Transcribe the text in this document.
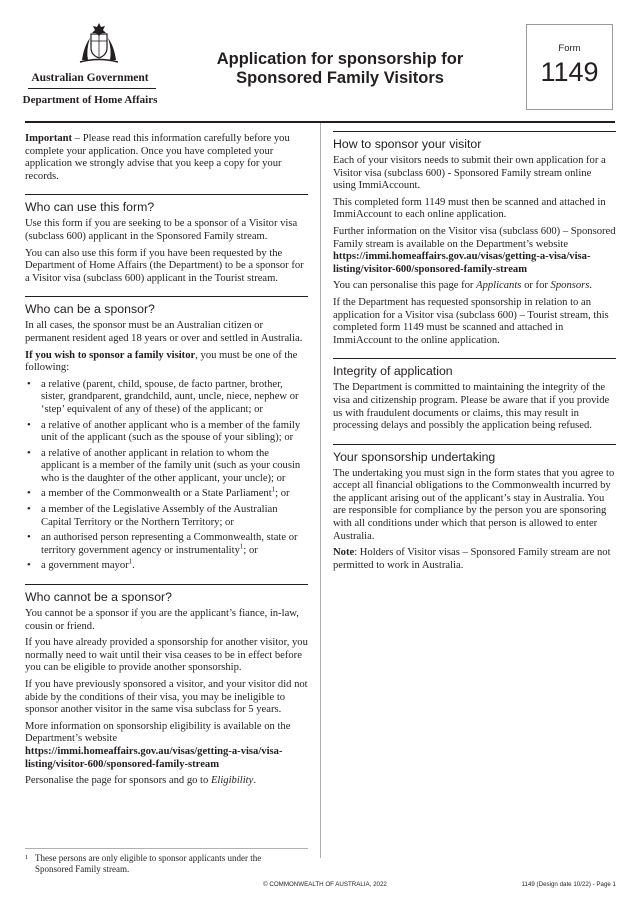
Australian Government
Department of Home Affairs
Application for sponsorship for
Sponsored Family Visitors
Form
1149

Important – Please read this information carefully before you complete your application. Once you have completed your application we strongly advise that you keep a copy for your records.

Who can use this form?

Use this form if you are seeking to be a sponsor of a Visitor visa (subclass 600) applicant in the Sponsored Family stream.

You can also use this form if you have been requested by the Department of Home Affairs (the Department) to be a sponsor for a Visitor visa (subclass 600) applicant in the Tourist stream.

Who can be a sponsor?

In all cases, the sponsor must be an Australian citizen or permanent resident aged 18 years or over and settled in Australia.

If you wish to sponsor a family visitor, you must be one of the following:

• a relative (parent, child, spouse, de facto partner, brother, sister, grandparent, grandchild, aunt, uncle, niece, nephew or ‘step’ equivalent of any of these) of the applicant; or
• a relative of another applicant who is a member of the family unit of the applicant (such as the spouse of your sibling); or
• a relative of another applicant in relation to whom the applicant is a member of the family unit (such as your cousin who is the daughter of the other applicant, your uncle); or
• a member of the Commonwealth or a State Parliament$^1$; or
• a member of the Legislative Assembly of the Australian Capital Territory or the Northern Territory; or
• an authorised person representing a Commonwealth, state or territory government agency or instrumentality$^1$; or
• a government mayor$^1$.
Who cannot be a sponsor?

You cannot be a sponsor if you are the applicant’s fiance, in-law, cousin or friend.

If you have already provided a sponsorship for another visitor, you normally need to wait until their visa ceases to be in effect before you can be eligible to provide another sponsorship.

If you have previously sponsored a visitor, and your visitor did not abide by the conditions of their visa, you may be ineligible to sponsor another visitor in the same visa subclass for 5 years.

More information on sponsorship eligibility is available on the Department’s website
https://immi.homeaffairs.gov.au/visas/getting-a-visa/visa-listing/visitor-600/sponsored-family-stream

Personalise the page for sponsors and go to Eligibility.

How to sponsor your visitor

Each of your visitors needs to submit their own application for a Visitor visa (subclass 600) - Sponsored Family stream online using ImmiAccount.

This completed form 1149 must then be scanned and attached in ImmiAccount to each online application.

Further information on the Visitor visa (subclass 600) – Sponsored Family stream is available on the Department’s website https://immi.homeaffairs.gov.au/visas/getting-a-visa/visa-listing/visitor-600/sponsored-family-stream

You can personalise this page for Applicants or for Sponsors.

If the Department has requested sponsorship in relation to an application for a Visitor visa (subclass 600) – Tourist stream, this completed form 1149 must be scanned and attached in ImmiAccount to the online application.

Integrity of application

The Department is committed to maintaining the integrity of the visa and citizenship program. Please be aware that if you provide us with fraudulent documents or claims, this may result in processing delays and possibly the application being refused.

Your sponsorship undertaking

The undertaking you must sign in the form states that you agree to accept all financial obligations to the Commonwealth incurred by the applicant arising out of the applicant’s stay in Australia. You are responsible for compliance by the person you are sponsoring with all conditions under which that person is allowed to enter Australia.

Note: Holders of Visitor visas – Sponsored Family stream are not permitted to work in Australia.

1 These persons are only eligible to sponsor applicants under the Sponsored Family stream.
© COMMONWEALTH OF AUSTRALIA, 2022	1149 (Design date 10/22) - Page 1
